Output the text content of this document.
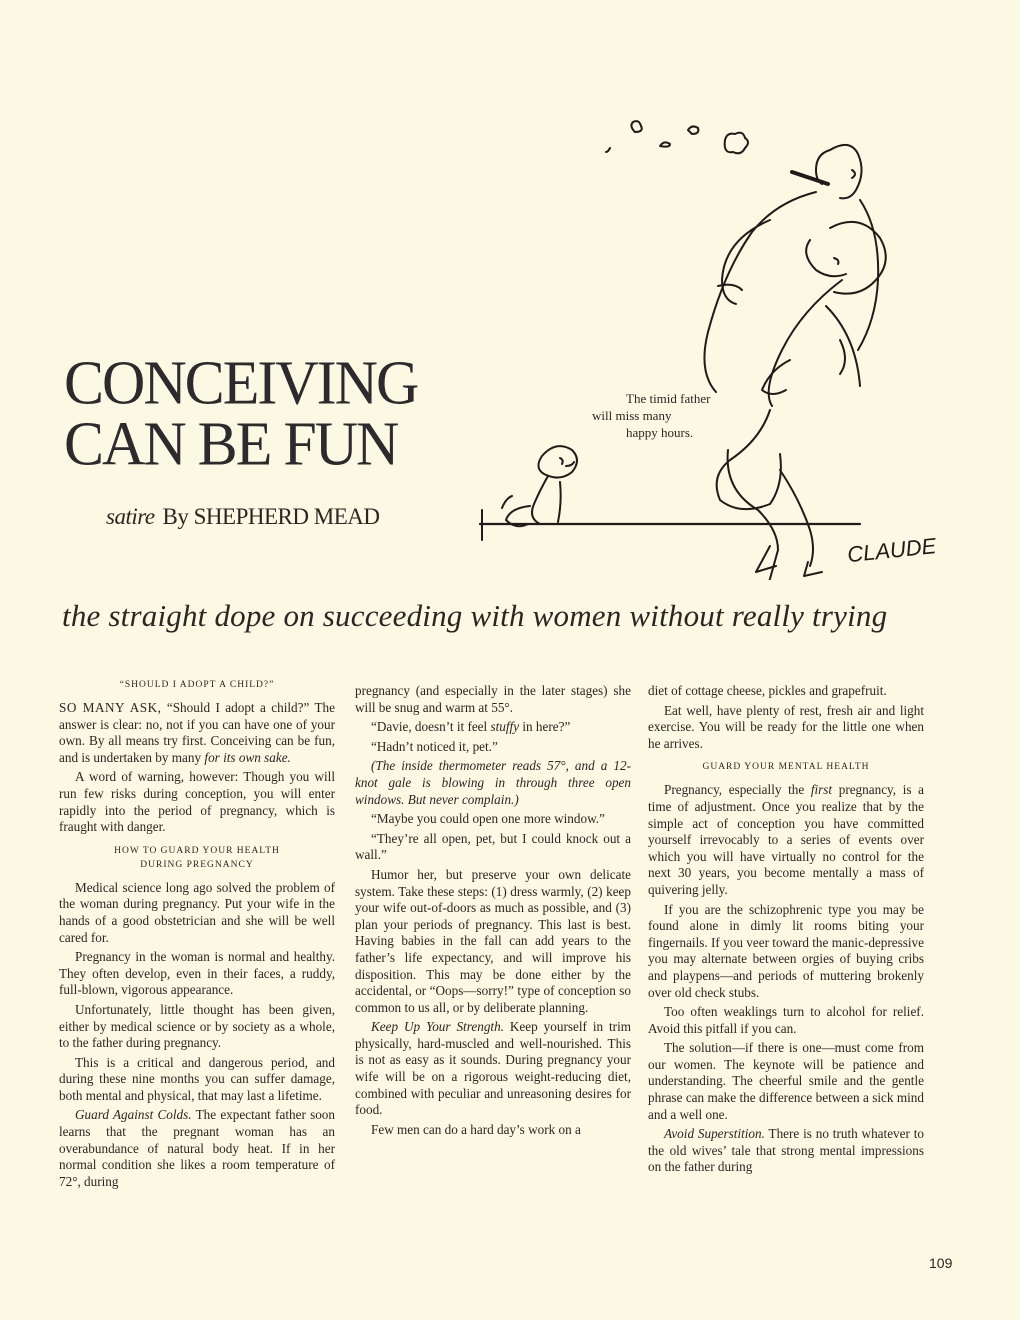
CONCEIVING
CAN BE FUN
satire By SHEPHERD MEAD
CLAUDE
The timid father
will miss many
happy hours.
the straight dope on succeeding with women without really trying
“SHOULD I ADOPT A CHILD?”

SO MANY ASK, “Should I adopt a child?” The answer is clear: no, not if you can have one of your own. By all means try first. Conceiving can be fun, and is undertaken by many for its own sake.

A word of warning, however: Though you will run few risks during conception, you will enter rapidly into the period of pregnancy, which is fraught with danger.

HOW TO GUARD YOUR HEALTH
DURING PREGNANCY

Medical science long ago solved the problem of the woman during pregnancy. Put your wife in the hands of a good obstetrician and she will be well cared for.

Pregnancy in the woman is normal and healthy. They often develop, even in their faces, a ruddy, full-blown, vigorous appearance.

Unfortunately, little thought has been given, either by medical science or by society as a whole, to the father during pregnancy.

This is a critical and dangerous period, and during these nine months you can suffer damage, both mental and physical, that may last a lifetime.

Guard Against Colds. The expectant father soon learns that the pregnant woman has an overabundance of natural body heat. If in her normal condition she likes a room temperature of 72°, during

pregnancy (and especially in the later stages) she will be snug and warm at 55°.

“Davie, doesn’t it feel stuffy in here?”

“Hadn’t noticed it, pet.”

(The inside thermometer reads 57°, and a 12-knot gale is blowing in through three open windows. But never complain.)

“Maybe you could open one more window.”

“They’re all open, pet, but I could knock out a wall.”

Humor her, but preserve your own delicate system. Take these steps: (1) dress warmly, (2) keep your wife out-of-doors as much as possible, and (3) plan your periods of pregnancy. This last is best. Having babies in the fall can add years to the father’s life expectancy, and will improve his disposition. This may be done either by the accidental, or “Oops—sorry!” type of conception so common to us all, or by deliberate planning.

Keep Up Your Strength. Keep yourself in trim physically, hard-muscled and well-nourished. This is not as easy as it sounds. During pregnancy your wife will be on a rigorous weight-reducing diet, combined with peculiar and unreasoning desires for food.

Few men can do a hard day’s work on a

diet of cottage cheese, pickles and grapefruit.

Eat well, have plenty of rest, fresh air and light exercise. You will be ready for the little one when he arrives.

GUARD YOUR MENTAL HEALTH

Pregnancy, especially the first pregnancy, is a time of adjustment. Once you realize that by the simple act of conception you have committed yourself irrevocably to a series of events over which you will have virtually no control for the next 30 years, you become mentally a mass of quivering jelly.

If you are the schizophrenic type you may be found alone in dimly lit rooms biting your fingernails. If you veer toward the manic-depressive you may alternate between orgies of buying cribs and playpens—and periods of muttering brokenly over old check stubs.

Too often weaklings turn to alcohol for relief. Avoid this pitfall if you can.

The solution—if there is one—must come from our women. The keynote will be patience and understanding. The cheerful smile and the gentle phrase can make the difference between a sick mind and a well one.

Avoid Superstition. There is no truth whatever to the old wives’ tale that strong mental impressions on the father during

109
